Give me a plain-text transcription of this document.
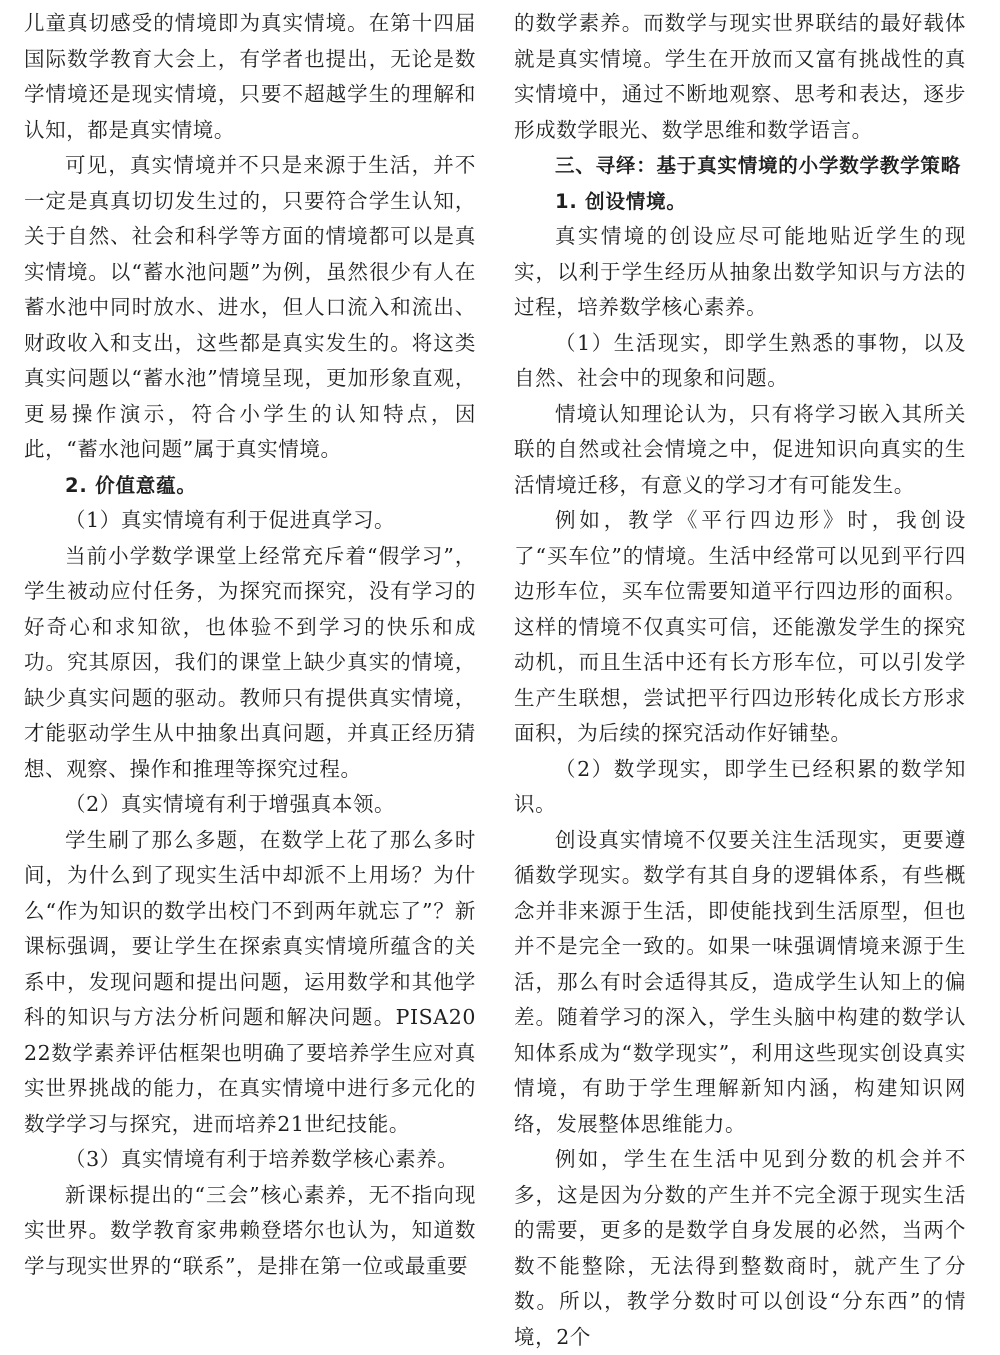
儿童真切感受的情境即为真实情境。在第十四届国际数学教育大会上，有学者也提出，无论是数学情境还是现实情境，只要不超越学生的理解和认知，都是真实情境。

可见，真实情境并不只是来源于生活，并不一定是真真切切发生过的，只要符合学生认知，关于自然、社会和科学等方面的情境都可以是真实情境。以“蓄水池问题”为例，虽然很少有人在蓄水池中同时放水、进水，但人口流入和流出、财政收入和支出，这些都是真实发生的。将这类真实问题以“蓄水池”情境呈现，更加形象直观，更易操作演示，符合小学生的认知特点，因此，“蓄水池问题”属于真实情境。

2. 价值意蕴。

（1）真实情境有利于促进真学习。

当前小学数学课堂上经常充斥着“假学习”，学生被动应付任务，为探究而探究，没有学习的好奇心和求知欲，也体验不到学习的快乐和成功。究其原因，我们的课堂上缺少真实的情境，缺少真实问题的驱动。教师只有提供真实情境，才能驱动学生从中抽象出真问题，并真正经历猜想、观察、操作和推理等探究过程。

（2）真实情境有利于增强真本领。

学生刷了那么多题，在数学上花了那么多时间，为什么到了现实生活中却派不上用场？为什么“作为知识的数学出校门不到两年就忘了”？新课标强调，要让学生在探索真实情境所蕴含的关系中，发现问题和提出问题，运用数学和其他学科的知识与方法分析问题和解决问题。PISA2022数学素养评估框架也明确了要培养学生应对真实世界挑战的能力，在真实情境中进行多元化的数学学习与探究，进而培养21世纪技能。

（3）真实情境有利于培养数学核心素养。

新课标提出的“三会”核心素养，无不指向现实世界。数学教育家弗赖登塔尔也认为，知道数学与现实世界的“联系”，是排在第一位或最重要

的数学素养。而数学与现实世界联结的最好载体就是真实情境。学生在开放而又富有挑战性的真实情境中，通过不断地观察、思考和表达，逐步形成数学眼光、数学思维和数学语言。

三、寻绎：基于真实情境的小学数学教学策略

1. 创设情境。

真实情境的创设应尽可能地贴近学生的现实，以利于学生经历从抽象出数学知识与方法的过程，培养数学核心素养。

（1）生活现实，即学生熟悉的事物，以及自然、社会中的现象和问题。

情境认知理论认为，只有将学习嵌入其所关联的自然或社会情境之中，促进知识向真实的生活情境迁移，有意义的学习才有可能发生。

例如，教学《平行四边形》时，我创设了“买车位”的情境。生活中经常可以见到平行四边形车位，买车位需要知道平行四边形的面积。这样的情境不仅真实可信，还能激发学生的探究动机，而且生活中还有长方形车位，可以引发学生产生联想，尝试把平行四边形转化成长方形求面积，为后续的探究活动作好铺垫。

（2）数学现实，即学生已经积累的数学知识。

创设真实情境不仅要关注生活现实，更要遵循数学现实。数学有其自身的逻辑体系，有些概念并非来源于生活，即使能找到生活原型，但也并不是完全一致的。如果一味强调情境来源于生活，那么有时会适得其反，造成学生认知上的偏差。随着学习的深入，学生头脑中构建的数学认知体系成为“数学现实”，利用这些现实创设真实情境，有助于学生理解新知内涵，构建知识网络，发展整体思维能力。

例如，学生在生活中见到分数的机会并不多，这是因为分数的产生并不完全源于现实生活的需要，更多的是数学自身发展的必然，当两个数不能整除，无法得到整数商时，就产生了分数。所以，教学分数时可以创设“分东西”的情境，2个
